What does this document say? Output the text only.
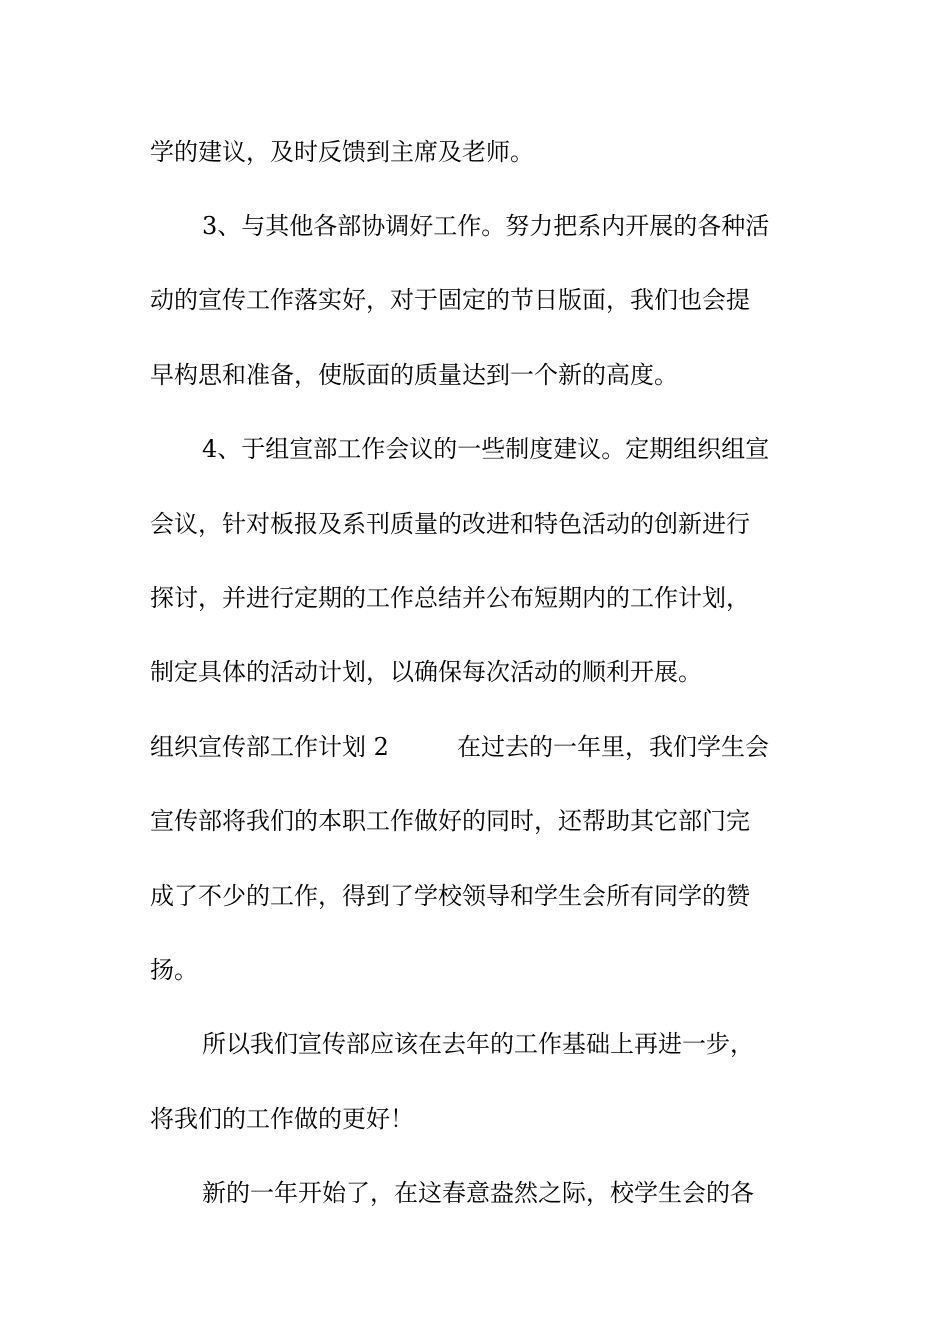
学的建议，及时反馈到主席及老师。
3、与其他各部协调好工作。努力把系内开展的各种活
动的宣传工作落实好，对于固定的节日版面，我们也会提
早构思和准备，使版面的质量达到一个新的高度。
4、于组宣部工作会议的一些制度建议。定期组织组宣
会议，针对板报及系刊质量的改进和特色活动的创新进行
探讨，并进行定期的工作总结并公布短期内的工作计划，
制定具体的活动计划，以确保每次活动的顺利开展。
组织宣传部工作计划 2	在过去的一年里，我们学生会
宣传部将我们的本职工作做好的同时，还帮助其它部门完
成了不少的工作，得到了学校领导和学生会所有同学的赞
扬。
所以我们宣传部应该在去年的工作基础上再进一步，
将我们的工作做的更好！
新的一年开始了，在这春意盎然之际，校学生会的各
